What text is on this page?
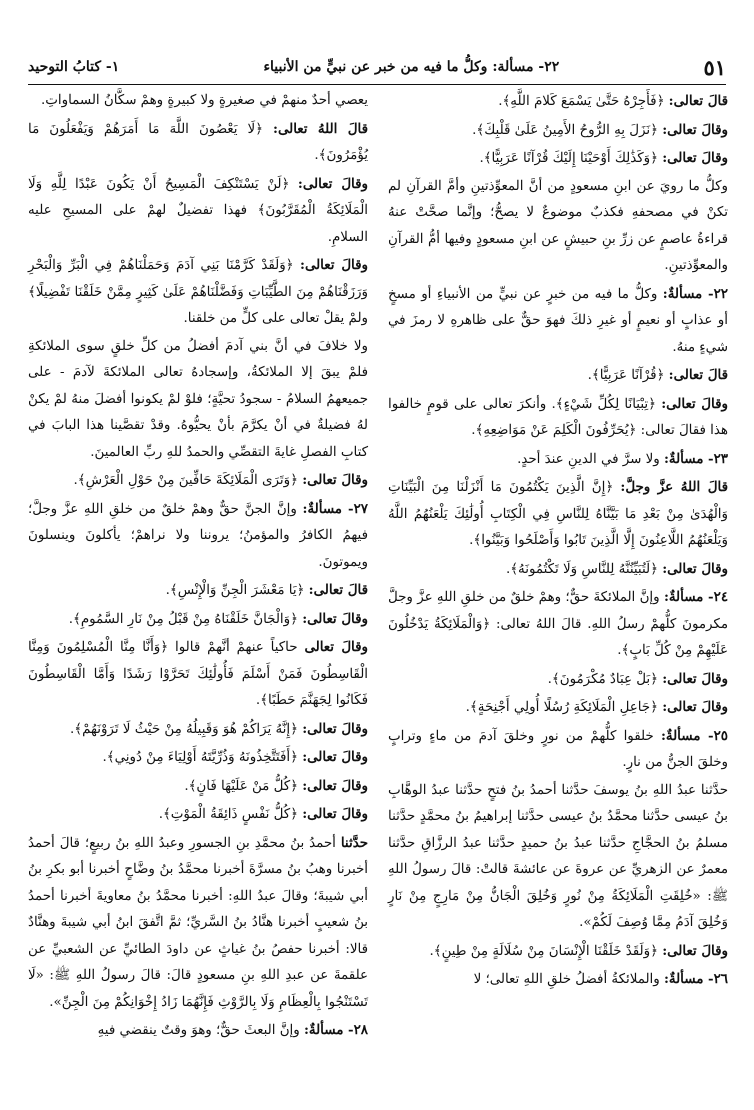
٥١
٢٢- مسألة: وكلُّ ما فيه من خبر عن نبيٍّ من الأنبياء
١- كتابُ التوحيد

قالَ تعالى: ﴿فَأَجِرْهُ حَتَّىٰ يَسْمَعَ كَلامَ اللَّهِ﴾.

وقالَ تعالى: ﴿نَزَلَ بِهِ الرُّوحُ الأَمِينُ عَلَىٰ قَلْبِكَ﴾.

وقالَ تعالى: ﴿وَكَذَٰلِكَ أَوْحَيْنَا إِلَيْكَ قُرْآنًا عَرَبِيًّا﴾.

وكلُّ ما رويَ عن ابنِ مسعودٍ من أنَّ المعوِّذتينِ وأمَّ القرآنِ لم تكنْ في مصحفهِ فكذبٌ موضوعٌ لا يصحُّ؛ وإنَّما صحَّتْ عنهُ قراءةُ عاصمٍ عن زرِّ بنِ حبيشٍ عن ابنِ مسعودٍ وفيها أمُّ القرآنِ والمعوِّذتينِ.

٢٢- مسألةٌ: وكلُّ ما فيه من خبرٍ عن نبيٍّ من الأنبياءِ أو مسخٍ أو عذابٍ أو نعيمٍ أو غيرِ ذلكَ فهوَ حقٌّ على ظاهرهِ لا رمزَ في شيءٍ منهُ.

قالَ تعالى: ﴿قُرْآنًا عَرَبِيًّا﴾.

وقالَ تعالى: ﴿تِبْيَانًا لِكُلِّ شَيْءٍ﴾. وأنكرَ تعالى على قومٍ خالفوا هذا فقالَ تعالى: ﴿يُحَرِّفُونَ الْكَلِمَ عَنْ مَوَاضِعِهِ﴾.

٢٣- مسألةٌ: ولا سرَّ في الدينِ عندَ أحدٍ.

قالَ اللهُ عزَّ وجلَّ: ﴿إِنَّ الَّذِينَ يَكْتُمُونَ مَا أَنْزَلْنَا مِنَ الْبَيِّنَاتِ وَالْهُدَىٰ مِنْ بَعْدِ مَا بَيَّنَّاهُ لِلنَّاسِ فِي الْكِتَابِ أُولَٰئِكَ يَلْعَنُهُمُ اللَّهُ وَيَلْعَنُهُمُ اللَّاعِنُونَ إِلَّا الَّذِينَ تَابُوا وَأَصْلَحُوا وَبَيَّنُوا﴾.

وقالَ تعالى: ﴿لَتُبَيِّنُنَّهُ لِلنَّاسِ وَلَا تَكْتُمُونَهُ﴾.

٢٤- مسألةٌ: وإنَّ الملائكةَ حقٌّ؛ وهمْ خلقٌ من خلقِ اللهِ عزَّ وجلَّ مكرمونَ كلُّهمْ رسلُ اللهِ. قالَ اللهُ تعالى: ﴿وَالْمَلَائِكَةُ يَدْخُلُونَ عَلَيْهِمْ مِنْ كُلِّ بَابٍ﴾.

وقالَ تعالى: ﴿بَلْ عِبَادٌ مُكْرَمُونَ﴾.

وقالَ تعالى: ﴿جَاعِلِ الْمَلَائِكَةِ رُسُلًا أُولِي أَجْنِحَةٍ﴾.

٢٥- مسألةٌ: خلقوا كلُّهمْ من نورٍ وخلقَ آدمَ من ماءٍ وترابٍ وخلقَ الجنُّ من نارٍ.

حدَّثنا عبدُ اللهِ بنُ يوسفَ حدَّثنا أحمدُ بنُ فتحٍ حدَّثنا عبدُ الوهَّابِ بنُ عيسى حدَّثنا محمَّدُ بنُ عيسى حدَّثنا إبراهيمُ بنُ محمَّدٍ حدَّثنا مسلمُ بنُ الحجَّاجِ حدَّثنا عبدُ بنُ حميدٍ حدَّثنا عبدُ الرزَّاقِ حدَّثنا معمرٌ عن الزهريِّ عن عروةَ عن عائشةَ قالتْ: قالَ رسولُ اللهِ ﷺ: «خُلِقَتِ الْمَلَائِكَةُ مِنْ نُورٍ وَخُلِقَ الْجَانُّ مِنْ مَارِجٍ مِنْ نَارٍ وَخُلِقَ آدَمُ مِمَّا وُصِفَ لَكُمْ».

وقالَ تعالى: ﴿وَلَقَدْ خَلَقْنَا الْإِنْسَانَ مِنْ سُلَالَةٍ مِنْ طِينٍ﴾.

٢٦- مسألةٌ: والملائكةُ أفضلُ خلقِ اللهِ تعالى؛ لا

يعصي أحدٌ منهمْ في صغيرةٍ ولا كبيرةٍ وهمْ سكَّانُ السماواتِ.

قالَ اللهُ تعالى: ﴿لَا يَعْصُونَ اللَّهَ مَا أَمَرَهُمْ وَيَفْعَلُونَ مَا يُؤْمَرُونَ﴾.

وقالَ تعالى: ﴿لَنْ يَسْتَنْكِفَ الْمَسِيحُ أَنْ يَكُونَ عَبْدًا لِلَّهِ وَلَا الْمَلَائِكَةُ الْمُقَرَّبُونَ﴾ فهذا تفضيلٌ لهمْ على المسيحِ عليه السلامِ.

وقالَ تعالى: ﴿وَلَقَدْ كَرَّمْنَا بَنِي آدَمَ وَحَمَلْنَاهُمْ فِي الْبَرِّ وَالْبَحْرِ وَرَزَقْنَاهُمْ مِنَ الطَّيِّبَاتِ وَفَضَّلْنَاهُمْ عَلَىٰ كَثِيرٍ مِمَّنْ خَلَقْنَا تَفْضِيلًا﴾ ولمْ يقلْ تعالى على كلٍّ من خلقنا.

ولا خلافَ في أنَّ بني آدمَ أفضلُ من كلِّ خلقٍ سوى الملائكةِ فلمْ يبقَ إلا الملائكةُ، وإسجادهُ تعالى الملائكةَ لآدمَ - على جميعهمُ السلامُ - سجودُ تحيَّةٍ؛ فلوْ لمْ يكونوا أفضلَ منهُ لمْ يكنْ لهُ فضيلةٌ في أنْ يكرَّمَ بأنْ يحيُّوهُ. وقدْ تقصَّينا هذا البابَ في كتابِ الفصلِ غايةَ التقصِّي والحمدُ للهِ ربِّ العالمينَ.

وقالَ تعالى: ﴿وَتَرَى الْمَلَائِكَةَ حَافِّينَ مِنْ حَوْلِ الْعَرْشِ﴾.

٢٧- مسألةٌ: وإنَّ الجنَّ حقٌّ وهمْ خلقٌ من خلقِ اللهِ عزَّ وجلَّ؛ فيهمُ الكافرُ والمؤمنُ؛ يروننا ولا نراهمْ؛ يأكلونَ وينسلونَ ويموتونَ.

قالَ تعالى: ﴿يَا مَعْشَرَ الْجِنِّ وَالْإِنْسِ﴾.

وقالَ تعالى: ﴿وَالْجَانَّ خَلَقْنَاهُ مِنْ قَبْلُ مِنْ نَارِ السَّمُومِ﴾.

وقالَ تعالى حاكياً عنهمْ أنَّهمْ قالوا ﴿وَأَنَّا مِنَّا الْمُسْلِمُونَ وَمِنَّا الْقَاسِطُونَ فَمَنْ أَسْلَمَ فَأُولَٰئِكَ تَحَرَّوْا رَشَدًا وَأَمَّا الْقَاسِطُونَ فَكَانُوا لِجَهَنَّمَ حَطَبًا﴾.

وقالَ تعالى: ﴿إِنَّهُ يَرَاكُمْ هُوَ وَقَبِيلُهُ مِنْ حَيْثُ لَا تَرَوْنَهُمْ﴾.

وقالَ تعالى: ﴿أَفَتَتَّخِذُونَهُ وَذُرِّيَّتَهُ أَوْلِيَاءَ مِنْ دُونِي﴾.

وقالَ تعالى: ﴿كُلُّ مَنْ عَلَيْهَا فَانٍ﴾.

وقالَ تعالى: ﴿كُلُّ نَفْسٍ ذَائِقَةُ الْمَوْتِ﴾.

حدَّثنا أحمدُ بنُ محمَّدِ بنِ الجسورِ وعبدُ اللهِ بنُ ربيعٍ؛ قالَ أحمدُ أخبرنا وهبُ بنُ مسرَّةَ أخبرنا محمَّدُ بنُ وضَّاحٍ أخبرنا أبو بكرِ بنُ أبي شيبةَ؛ وقالَ عبدُ اللهِ: أخبرنا محمَّدُ بنُ معاويةَ أخبرنا أحمدُ بنُ شعيبٍ أخبرنا هنَّادُ بنُ السَّريِّ؛ ثمَّ اتَّفقَ ابنُ أبي شيبةَ وهنَّادٌ قالا: أخبرنا حفصُ بنُ غياثٍ عن داودَ الطائيِّ عن الشعبيِّ عن علقمةَ عن عبدِ اللهِ بنِ مسعودٍ قالَ: قالَ رسولُ اللهِ ﷺ: «لَا تَسْتَنْجُوا بِالْعِظَامِ وَلَا بِالرَّوْثِ فَإِنَّهُمَا زَادُ إِخْوَانِكُمْ مِنَ الْجِنِّ».

٢٨- مسألةٌ: وإنَّ البعثَ حقٌّ؛ وهوَ وقتٌ ينقضي فيهِ
